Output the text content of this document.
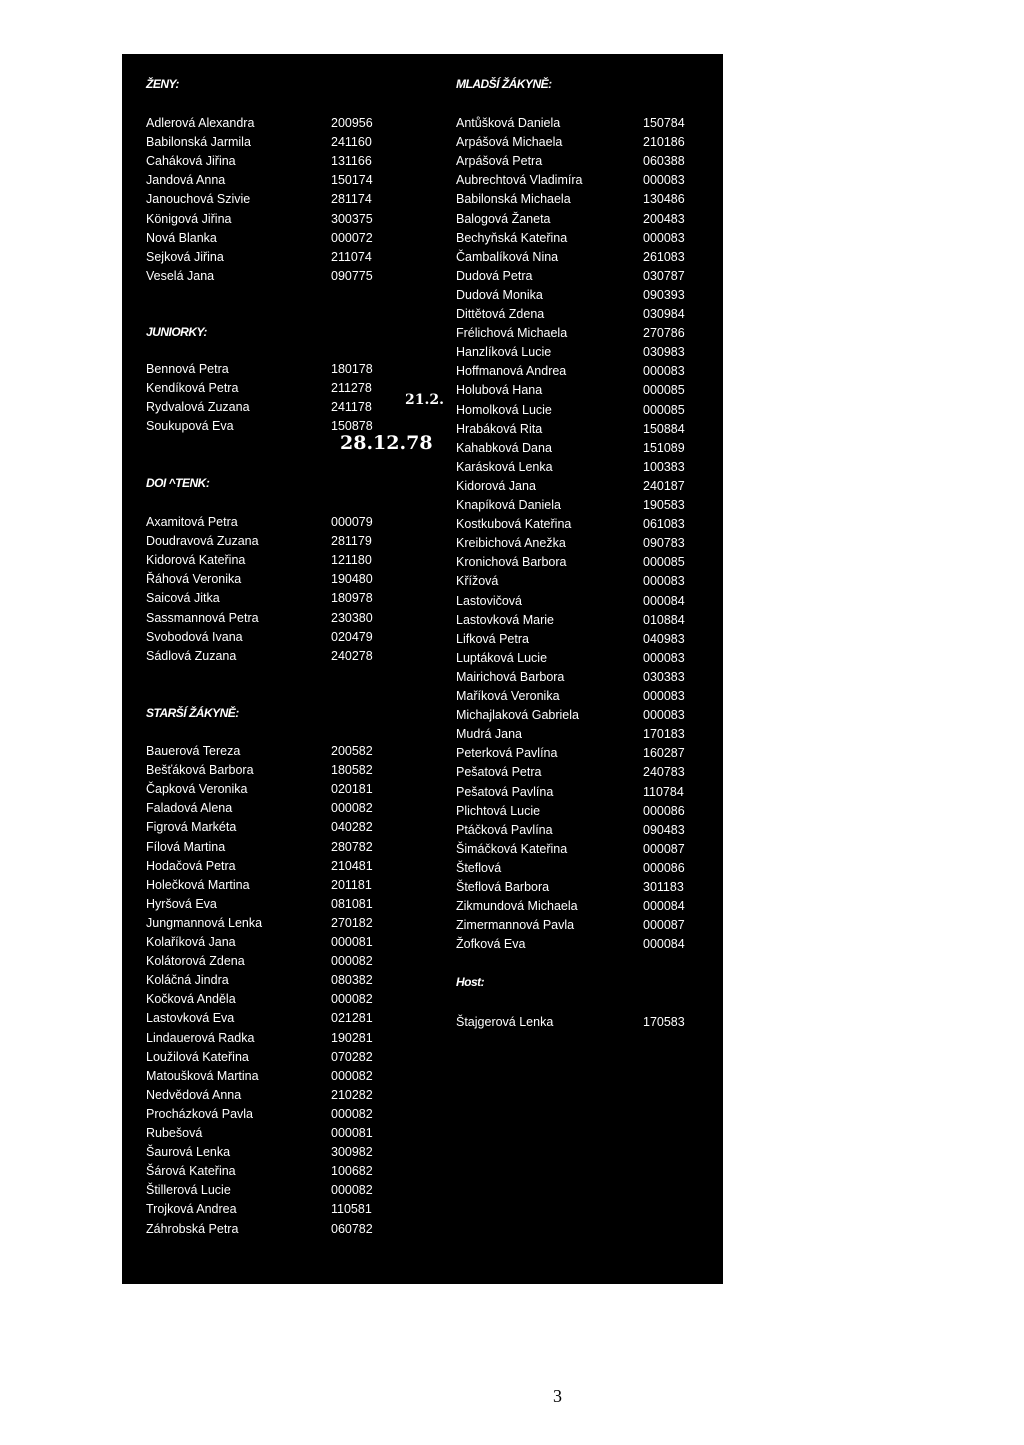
ŽENY:
Adlerová Alexandra	200956
Babilonská Jarmila	241160
Caháková Jiřina	131166
Jandová Anna	150174
Janouchová Szivie	281174
Königová Jiřina	300375
Nová Blanka	000072
Sejková Jiřina	211074
Veselá Jana	090775
JUNIORKY:
Bennová Petra	180178
Kendíková Petra	211278
Rydvalová Zuzana	241178
Soukupová Eva	150878
DOI ^TENK:
Axamitová Petra	000079
Doudravová Zuzana	281179
Kidorová Kateřina	121180
Řáhová Veronika	190480
Saicová Jitka	180978
Sassmannová Petra	230380
Svobodová Ivana	020479
Sádlová Zuzana	240278
STARŠÍ ŽÁKYNĚ:
Bauerová Tereza	200582
Bešťáková Barbora	180582
Čapková Veronika	020181
Faladová Alena	000082
Figrová Markéta	040282
Fílová Martina	280782
Hodačová Petra	210481
Holečková Martina	201181
Hyršová Eva	081081
Jungmannová Lenka	270182
Kolaříková Jana	000081
Kolátorová Zdena	000082
Koláčná Jindra	080382
Kočková Anděla	000082
Lastovková Eva	021281
Lindauerová Radka	190281
Loužilová Kateřina	070282
Matoušková Martina	000082
Nedvědová Anna	210282
Procházková Pavla	000082
Rubešová	000081
Šaurová Lenka	300982
Šárová Kateřina	100682
Štillerová Lucie	000082
Trojková Andrea	110581
Záhrobská Petra	060782
21.2.
28.12.78
MLADŠÍ ŽÁKYNĚ:
Antůšková Daniela	150784
Arpášová Michaela	210186
Arpášová Petra	060388
Aubrechtová Vladimíra	000083
Babilonská Michaela	130486
Balogová Žaneta	200483
Bechyňská Kateřina	000083
Čambalíková Nina	261083
Dudová Petra	030787
Dudová Monika	090393
Dittětová Zdena	030984
Frélichová Michaela	270786
Hanzlíková Lucie	030983
Hoffmanová Andrea	000083
Holubová Hana	000085
Homolková Lucie	000085
Hrabáková Rita	150884
Kahabková Dana	151089
Karásková Lenka	100383
Kidorová Jana	240187
Knapíková Daniela	190583
Kostkubová Kateřina	061083
Kreibichová Anežka	090783
Kronichová Barbora	000085
Křížová	000083
Lastovičová	000084
Lastovková Marie	010884
Lifková Petra	040983
Luptáková Lucie	000083
Mairichová Barbora	030383
Maříková Veronika	000083
Michajlaková Gabriela	000083
Mudrá Jana	170183
Peterková Pavlína	160287
Pešatová Petra	240783
Pešatová Pavlína	110784
Plichtová Lucie	000086
Ptáčková Pavlína	090483
Šimáčková Kateřina	000087
Šteflová	000086
Šteflová Barbora	301183
Zikmundová Michaela	000084
Zimermannová Pavla	000087
Žofková Eva	000084
Host:
Štajgerová Lenka	170583
3
